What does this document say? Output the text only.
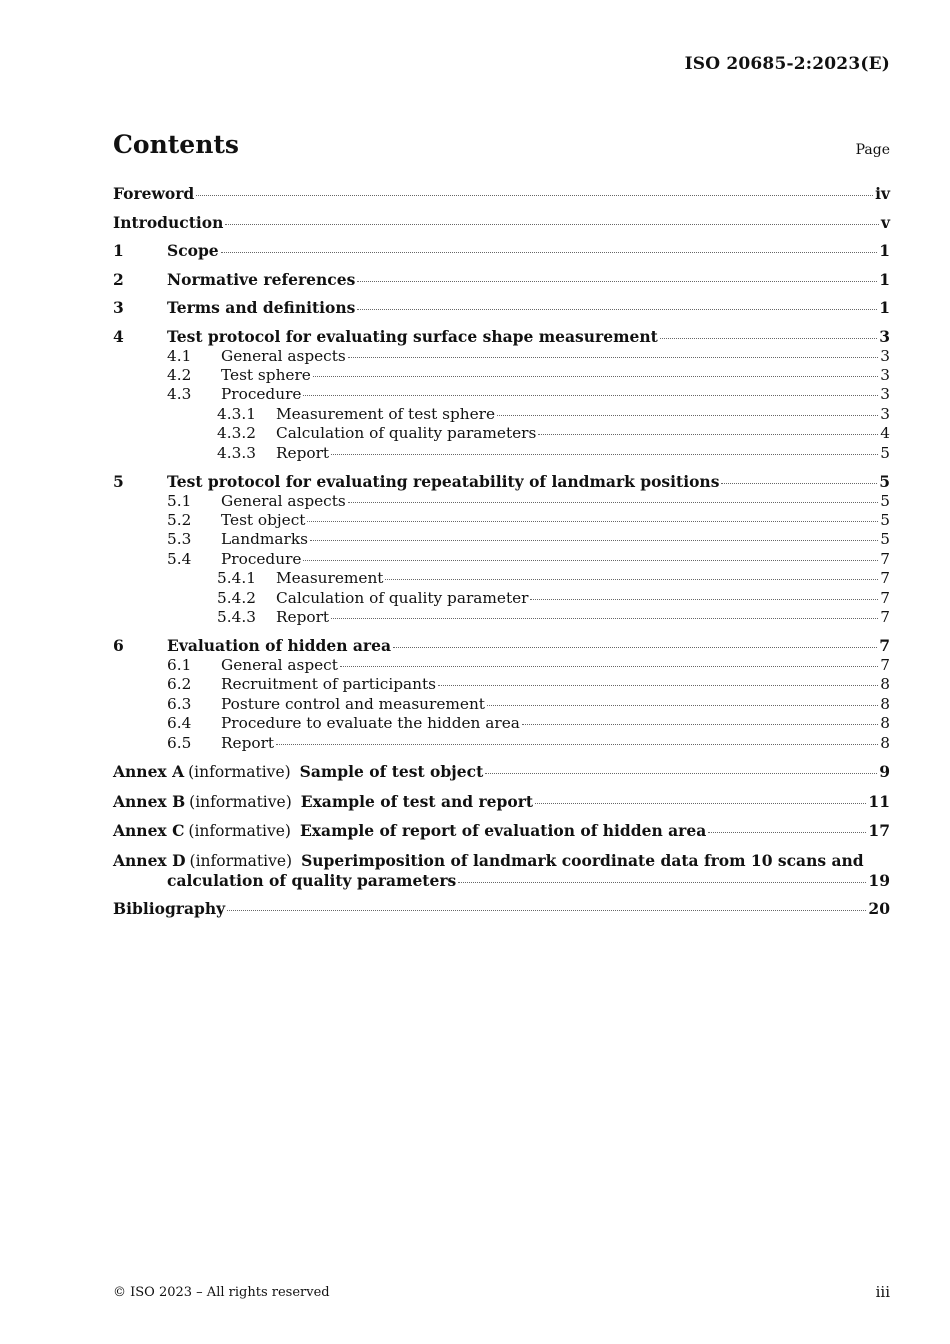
ISO 20685-2:2023(E)
Contents	Page
Foreword	iv
Introduction	v
1	Scope	1
2	Normative references	1
3	Terms and definitions	1
4	Test protocol for evaluating surface shape measurement	3
4.1	General aspects	3
4.2	Test sphere	3
4.3	Procedure	3
4.3.1	Measurement of test sphere	3
4.3.2	Calculation of quality parameters	4
4.3.3	Report	5
5	Test protocol for evaluating repeatability of landmark positions	5
5.1	General aspects	5
5.2	Test object	5
5.3	Landmarks	5
5.4	Procedure	7
5.4.1	Measurement	7
5.4.2	Calculation of quality parameter	7
5.4.3	Report	7
6	Evaluation of hidden area	7
6.1	General aspect	7
6.2	Recruitment of participants	8
6.3	Posture control and measurement	8
6.4	Procedure to evaluate the hidden area	8
6.5	Report	8
Annex A (informative) Sample of test object	9
Annex B (informative) Example of test and report	11
Annex C (informative) Example of report of evaluation of hidden area	17
Annex D (informative) Superimposition of landmark coordinate data from 10 scans and
calculation of quality parameters	19
Bibliography	20
© ISO 2023 – All rights reserved	iii
